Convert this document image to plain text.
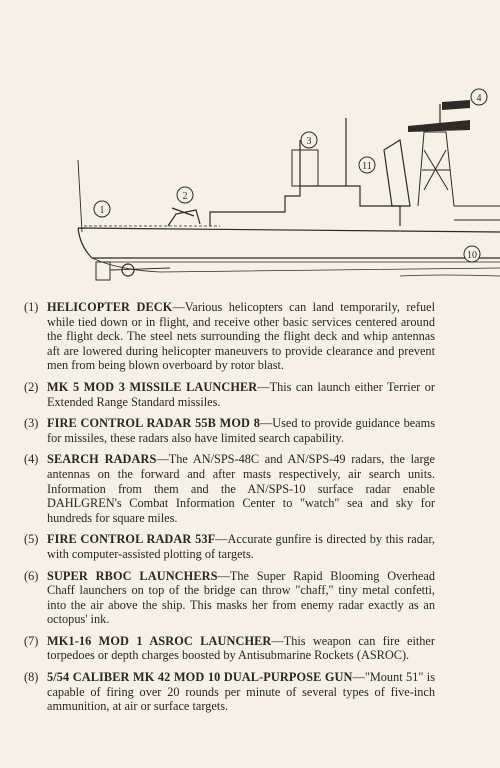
1
2
3
11
4
10
(1) HELICOPTER DECK—Various helicopters can land temporarily, refuel while tied down or in flight, and receive other basic services centered around the flight deck. The steel nets surrounding the flight deck and whip antennas aft are lowered during helicopter maneuvers to provide clearance and prevent men from being blown overboard by rotor blast.
(2) MK 5 MOD 3 MISSILE LAUNCHER—This can launch either Terrier or Extended Range Standard missiles.
(3) FIRE CONTROL RADAR 55B MOD 8—Used to provide guidance beams for missiles, these radars also have limited search capability.
(4) SEARCH RADARS—The AN/SPS-48C and AN/SPS-49 radars, the large antennas on the forward and after masts respectively, air search units. Information from them and the AN/SPS-10 surface radar enable DAHLGREN's Combat Information Center to "watch" sea and sky for hundreds for square miles.
(5) FIRE CONTROL RADAR 53F—Accurate gunfire is directed by this radar, with computer-assisted plotting of targets.
(6) SUPER RBOC LAUNCHERS—The Super Rapid Blooming Overhead Chaff launchers on top of the bridge can throw "chaff," tiny metal confetti, into the air above the ship. This masks her from enemy radar exactly as an octopus' ink.
(7) MK1-16 MOD 1 ASROC LAUNCHER—This weapon can fire either torpedoes or depth charges boosted by Antisubmarine Rockets (ASROC).
(8) 5/54 CALIBER MK 42 MOD 10 DUAL-PURPOSE GUN—"Mount 51" is capable of firing over 20 rounds per minute of several types of five-inch ammunition, at air or surface targets.
